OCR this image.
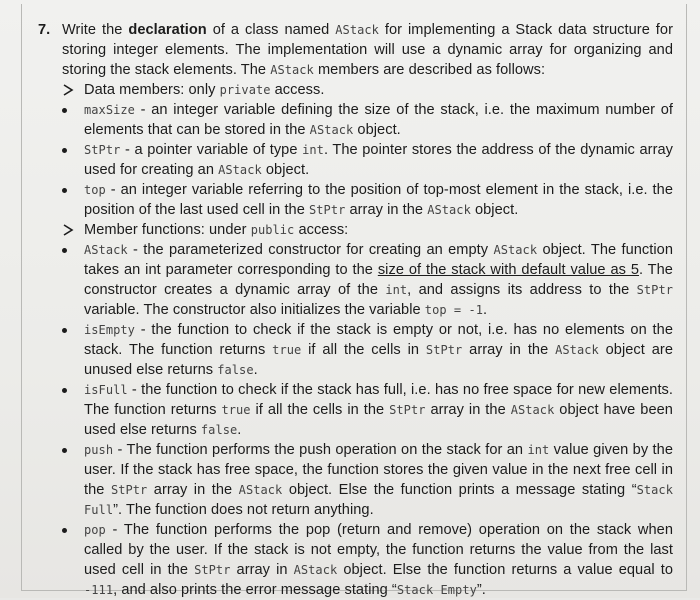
7. Write the declaration of a class named AStack for implementing a Stack data structure for storing integer elements. The implementation will use a dynamic array for organizing and storing the stack elements. The AStack members are described as follows:
Data members: only private access.
maxSize - an integer variable defining the size of the stack, i.e. the maximum number of elements that can be stored in the AStack object.
StPtr - a pointer variable of type int. The pointer stores the address of the dynamic array used for creating an AStack object.
top - an integer variable referring to the position of top-most element in the stack, i.e. the position of the last used cell in the StPtr array in the AStack object.
Member functions: under public access:
AStack - the parameterized constructor for creating an empty AStack object. The function takes an int parameter corresponding to the size of the stack with default value as 5. The constructor creates a dynamic array of the int, and assigns its address to the StPtr variable. The constructor also initializes the variable top = -1.
isEmpty - the function to check if the stack is empty or not, i.e. has no elements on the stack. The function returns true if all the cells in StPtr array in the AStack object are unused else returns false.
isFull - the function to check if the stack has full, i.e. has no free space for new elements. The function returns true if all the cells in the StPtr array in the AStack object have been used else returns false.
push - The function performs the push operation on the stack for an int value given by the user. If the stack has free space, the function stores the given value in the next free cell in the StPtr array in the AStack object. Else the function prints a message stating “Stack Full”. The function does not return anything.
pop - The function performs the pop (return and remove) operation on the stack when called by the user. If the stack is not empty, the function returns the value from the last used cell in the StPtr array in AStack object. Else the function returns a value equal to -111, and also prints the error message stating “Stack Empty”.
